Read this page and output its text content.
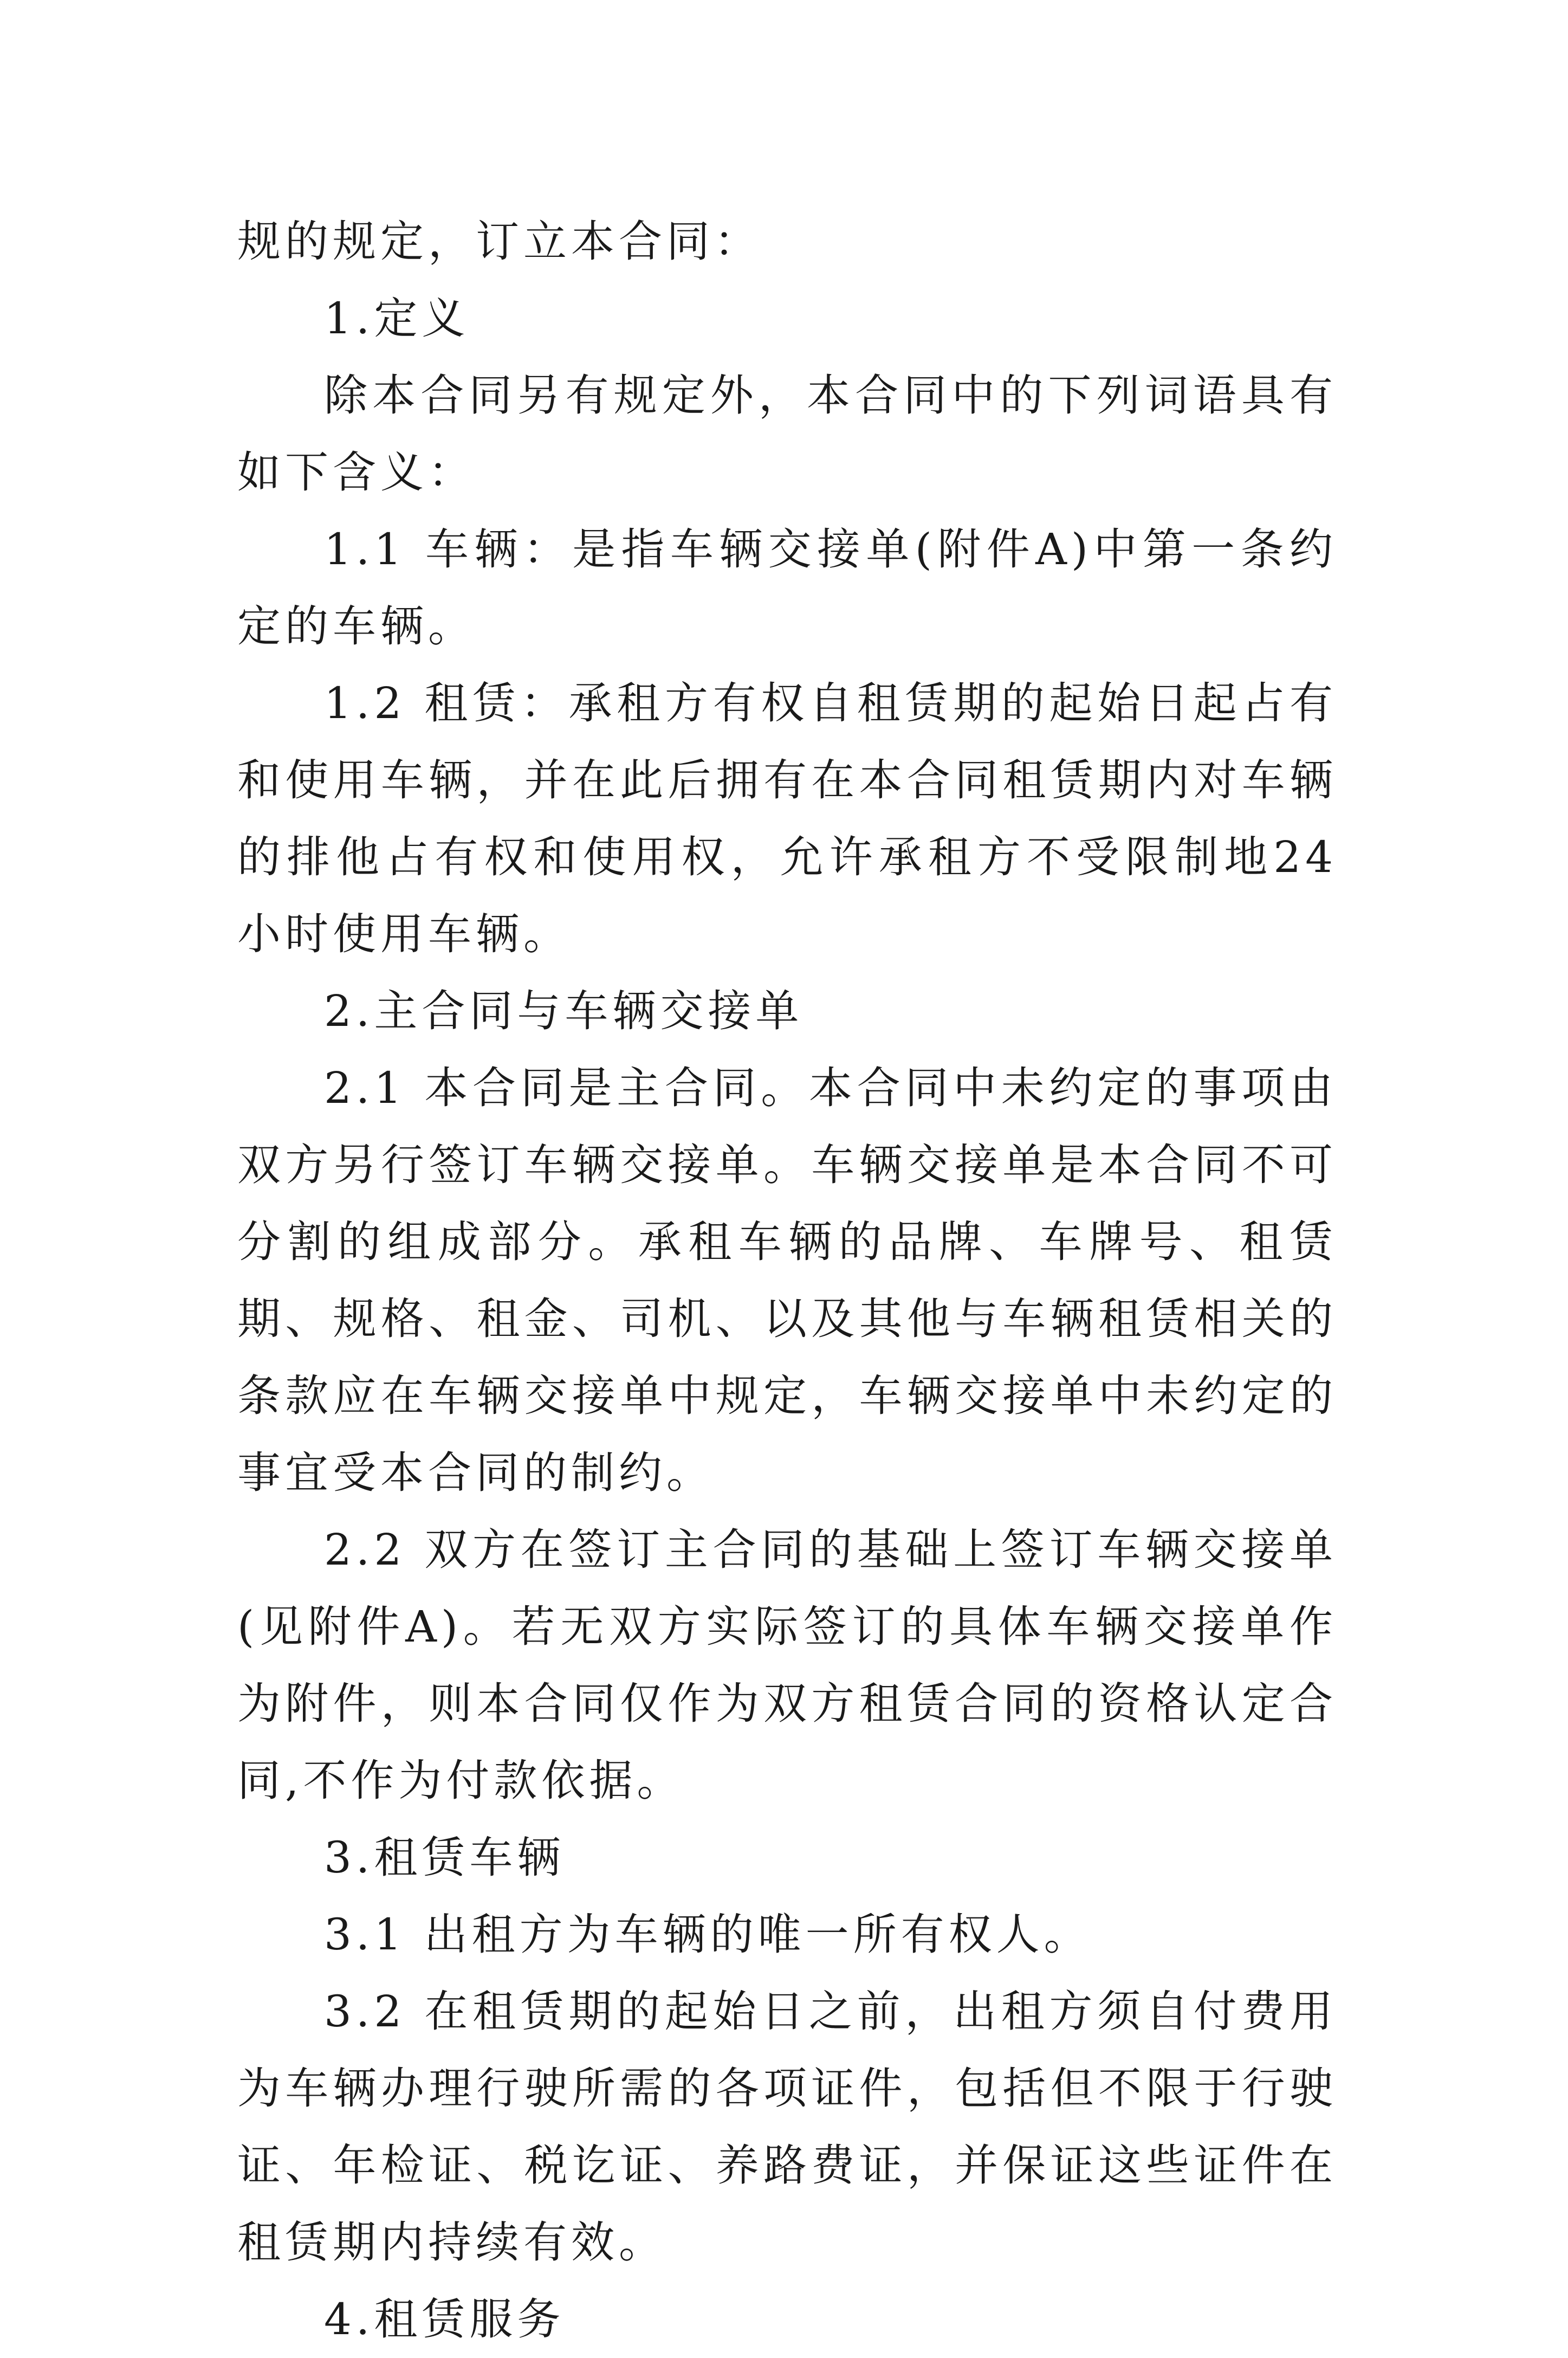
规的规定，订立本合同：

1.定义

除本合同另有规定外，本合同中的下列词语具有如下含义：

1.1 车辆：是指车辆交接单(附件A)中第一条约定的车辆。

1.2 租赁：承租方有权自租赁期的起始日起占有和使用车辆，并在此后拥有在本合同租赁期内对车辆的排他占有权和使用权，允许承租方不受限制地24小时使用车辆。

2.主合同与车辆交接单

2.1 本合同是主合同。本合同中未约定的事项由双方另行签订车辆交接单。车辆交接单是本合同不可分割的组成部分。承租车辆的品牌、车牌号、租赁期、规格、租金、司机、以及其他与车辆租赁相关的条款应在车辆交接单中规定，车辆交接单中未约定的事宜受本合同的制约。

2.2 双方在签订主合同的基础上签订车辆交接单(见附件A)。若无双方实际签订的具体车辆交接单作为附件，则本合同仅作为双方租赁合同的资格认定合同,不作为付款依据。

3.租赁车辆

3.1 出租方为车辆的唯一所有权人。

3.2 在租赁期的起始日之前，出租方须自付费用为车辆办理行驶所需的各项证件，包括但不限于行驶证、年检证、税讫证、养路费证，并保证这些证件在租赁期内持续有效。

4.租赁服务
